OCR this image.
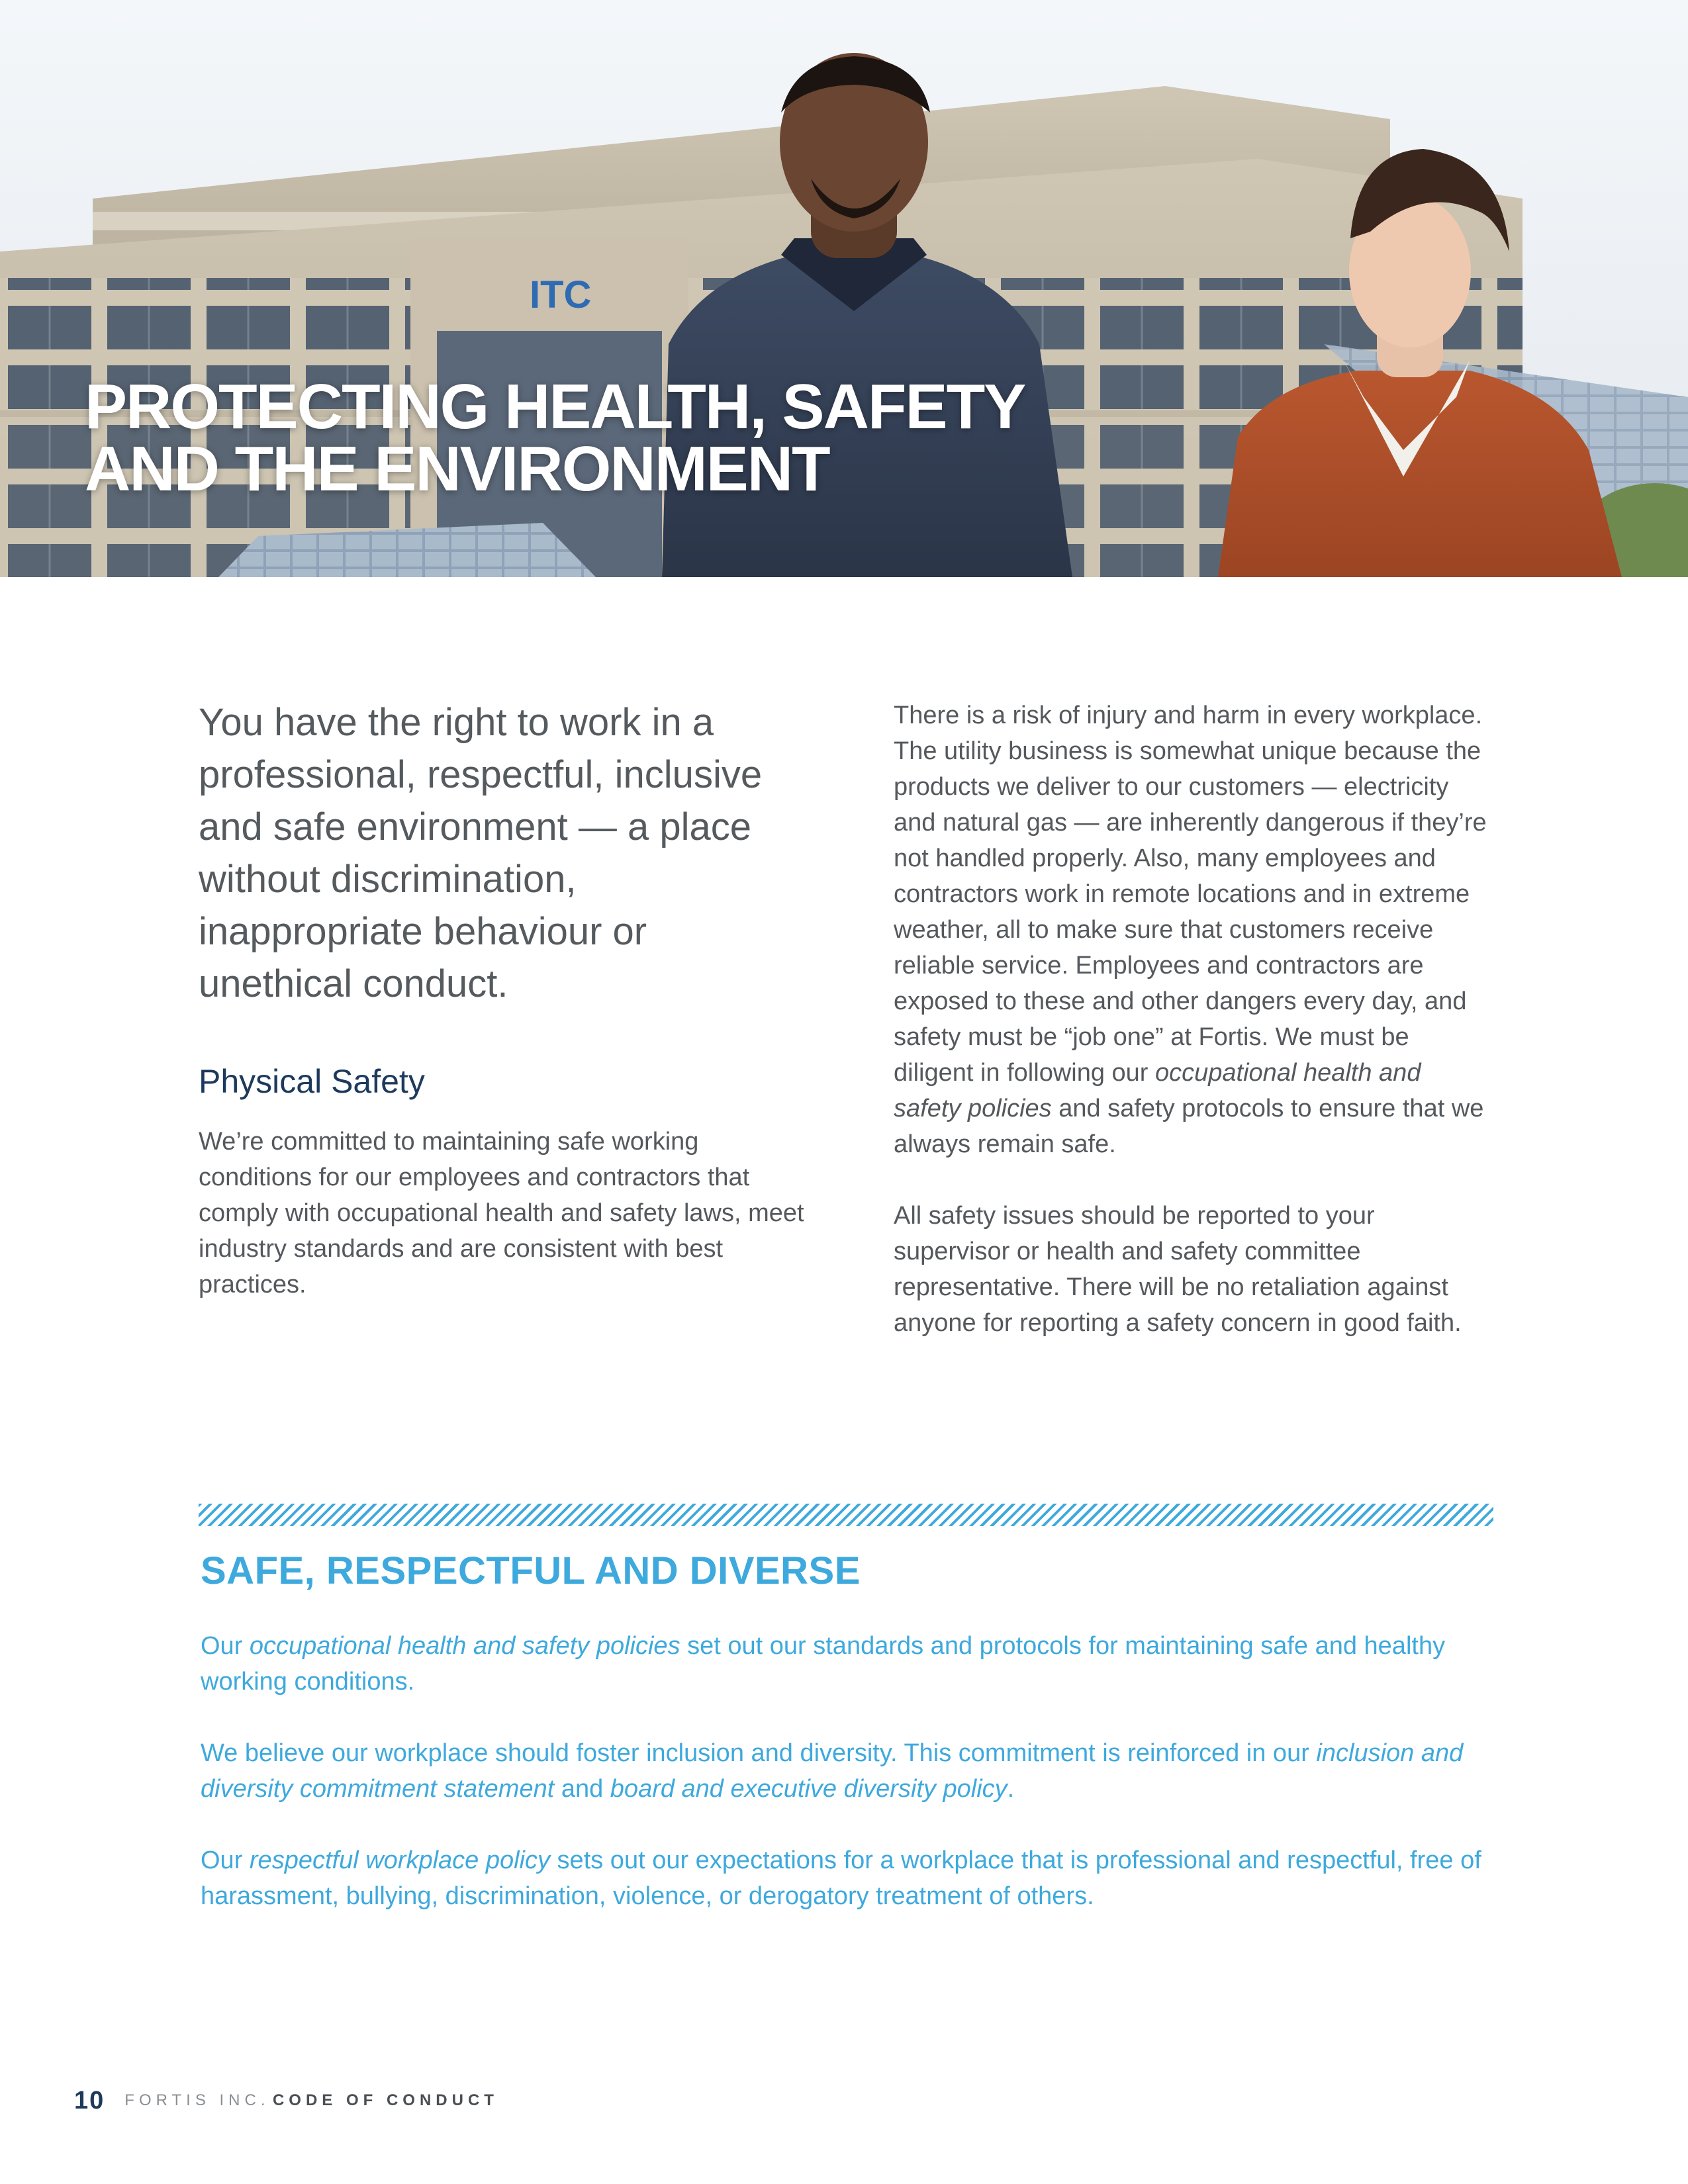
ITC
PROTECTING HEALTH, SAFETY
AND THE ENVIRONMENT

You have the right to work in a professional, respectful, inclusive and safe environment — a place without discrimination, inappropriate behaviour or unethical conduct.

Physical Safety

We’re committed to maintaining safe working conditions for our employees and contractors that comply with occupational health and safety laws, meet industry standards and are consistent with best practices.

There is a risk of injury and harm in every workplace. The utility business is somewhat unique because the products we deliver to our customers — electricity and natural gas — are inherently dangerous if they’re not handled properly. Also, many employees and contractors work in remote locations and in extreme weather, all to make sure that customers receive reliable service. Employees and contractors are exposed to these and other dangers every day, and safety must be “job one” at Fortis. We must be diligent in following our occupational health and safety policies and safety protocols to ensure that we always remain safe.

All safety issues should be reported to your supervisor or health and safety committee representative. There will be no retaliation against anyone for reporting a safety concern in good faith.

SAFE, RESPECTFUL AND DIVERSE

Our occupational health and safety policies set out our standards and protocols for maintaining safe and healthy working conditions.

We believe our workplace should foster inclusion and diversity. This commitment is reinforced in our inclusion and diversity commitment statement and board and executive diversity policy.

Our respectful workplace policy sets out our expectations for a workplace that is professional and respectful, free of harassment, bullying, discrimination, violence, or derogatory treatment of others.

10 FORTIS INC. CODE OF CONDUCT
